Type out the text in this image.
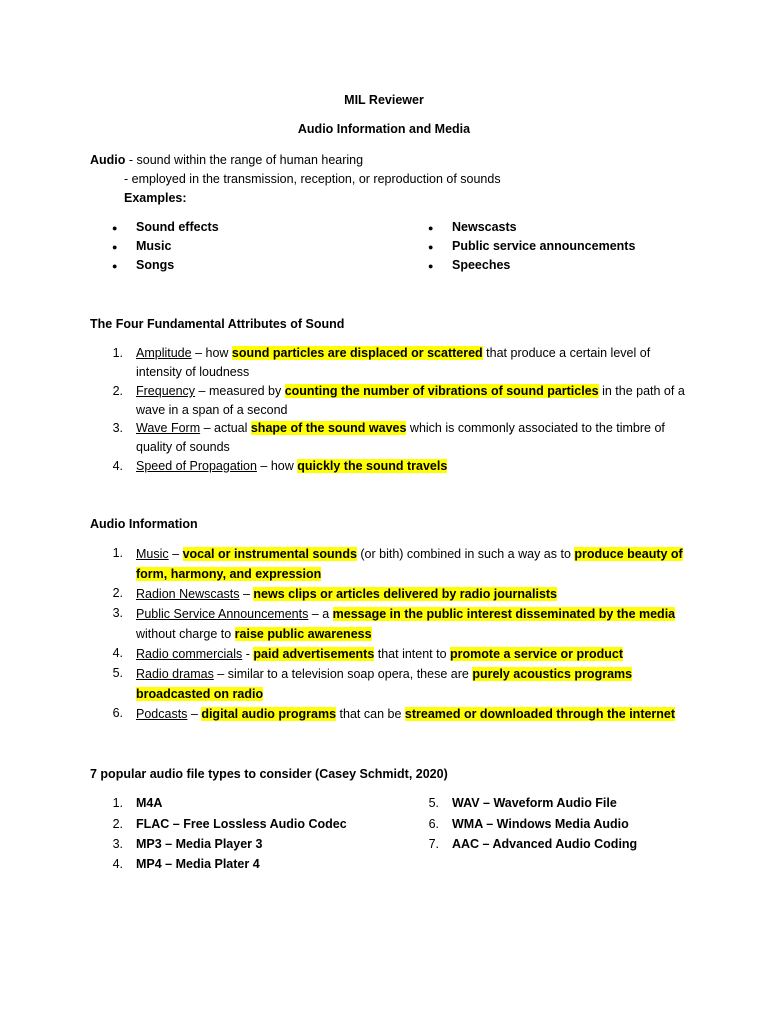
MIL Reviewer
Audio Information and Media
Audio - sound within the range of human hearing
- employed in the transmission, reception, or reproduction of sounds
Examples:
● Sound effects
● Music
● Songs
● Newscasts
● Public service announcements
● Speeches
The Four Fundamental Attributes of Sound
1. Amplitude – how sound particles are displaced or scattered that produce a certain level of intensity of loudness
2. Frequency – measured by counting the number of vibrations of sound particles in the path of a wave in a span of a second
3. Wave Form – actual shape of the sound waves which is commonly associated to the timbre of quality of sounds
4. Speed of Propagation – how quickly the sound travels
Audio Information
1. Music – vocal or instrumental sounds (or bith) combined in such a way as to produce beauty of form, harmony, and expression
2. Radion Newscasts – news clips or articles delivered by radio journalists
3. Public Service Announcements – a message in the public interest disseminated by the media without charge to raise public awareness
4. Radio commercials - paid advertisements that intent to promote a service or product
5. Radio dramas – similar to a television soap opera, these are purely acoustics programs broadcasted on radio
6. Podcasts – digital audio programs that can be streamed or downloaded through the internet
7 popular audio file types to consider (Casey Schmidt, 2020)
1. M4A
2. FLAC – Free Lossless Audio Codec
3. MP3 – Media Player 3
4. MP4 – Media Plater 4
5. WAV – Waveform Audio File
6. WMA – Windows Media Audio
7. AAC – Advanced Audio Coding
